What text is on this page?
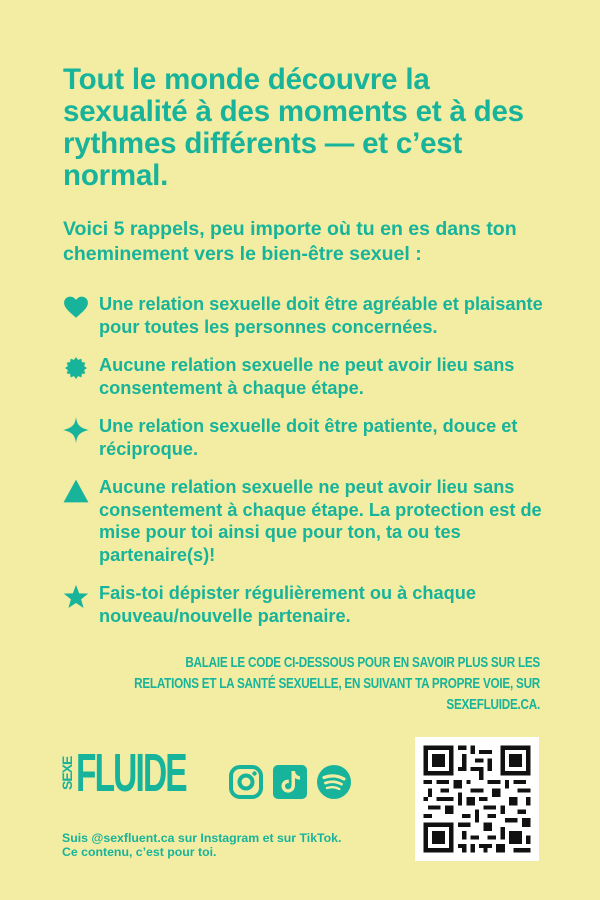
Tout le monde découvre la sexualité à des moments et à des rythmes différents — et c’est normal.

Voici 5 rappels, peu importe où tu en es dans ton cheminement vers le bien-être sexuel :

Une relation sexuelle doit être agréable et plaisante pour toutes les personnes concernées.
Aucune relation sexuelle ne peut avoir lieu sans consentement à chaque étape.
Une relation sexuelle doit être patiente, douce et réciproque.
Aucune relation sexuelle ne peut avoir lieu sans consentement à chaque étape. La protection est de mise pour toi ainsi que pour ton, ta ou tes partenaire(s)!
Fais-toi dépister régulièrement ou à chaque nouveau/nouvelle partenaire.
BALAIE LE CODE CI-DESSOUS POUR EN SAVOIR PLUS SUR LES RELATIONS ET LA SANTÉ SEXUELLE, EN SUIVANT TA PROPRE VOIE, SUR SEXEFLUIDE.CA.
SEXE FLUIDE
Suis @sexfluent.ca sur Instagram et sur TikTok. Ce contenu, c’est pour toi.
